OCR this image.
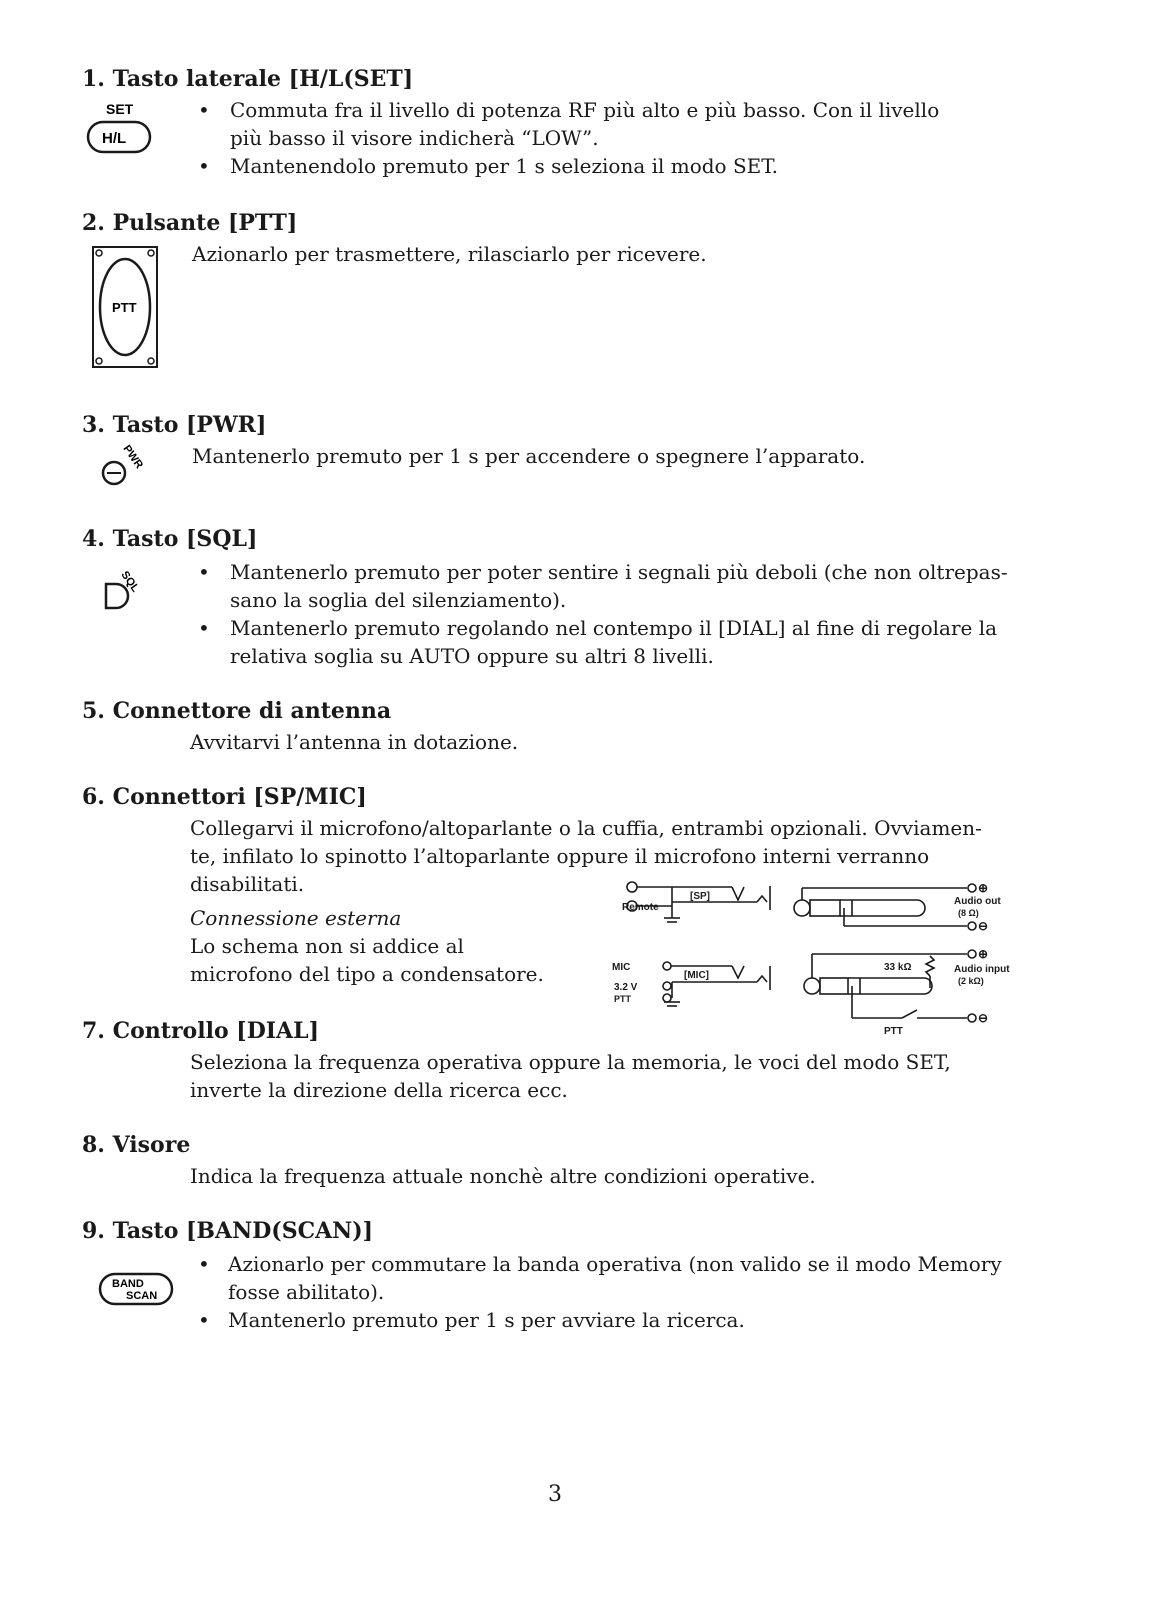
1. Tasto laterale [H/L(SET]
SET
H/L
• Commuta fra il livello di potenza RF più alto e più basso. Con il livello
più basso il visore indicherà “LOW”.
• Mantenendolo premuto per 1 s seleziona il modo SET.
2. Pulsante [PTT]
PTT
Azionarlo per trasmettere, rilasciarlo per ricevere.
3. Tasto [PWR]
PWR Mantenerlo premuto per 1 s per accendere o spegnere l’apparato.
4. Tasto [SQL]
SQL	• Mantenerlo premuto per poter sentire i segnali più deboli (che non oltrepas-
sano la soglia del silenziamento).
• Mantenerlo premuto regolando nel contempo il [DIAL] al fine di regolare la
relativa soglia su AUTO oppure su altri 8 livelli.
5. Connettore di antenna
Avvitarvi l’antenna in dotazione.
6. Connettori [SP/MIC]
Collegarvi il microfono/altoparlante o la cuffia, entrambi opzionali. Ovviamen-
te, infilato lo spinotto l’altoparlante oppure il microfono interni verranno
disabilitati.
Connessione esterna
Lo schema non si addice al
microfono del tipo a condensatore.
Remote
[SP]
MIC
[MIC]
3.2 V
PTT
Audio out
(8 Ω)
33 kΩ	Audio input
(2 kΩ)
PTT
⊕
⊖
⊕
⊖
7. Controllo [DIAL]
Seleziona la frequenza operativa oppure la memoria, le voci del modo SET,
inverte la direzione della ricerca ecc.
8. Visore
Indica la frequenza attuale nonchè altre condizioni operative.
9. Tasto [BAND(SCAN)]
BAND
SCAN
• Azionarlo per commutare la banda operativa (non valido se il modo Memory
fosse abilitato).
• Mantenerlo premuto per 1 s per avviare la ricerca.
3
